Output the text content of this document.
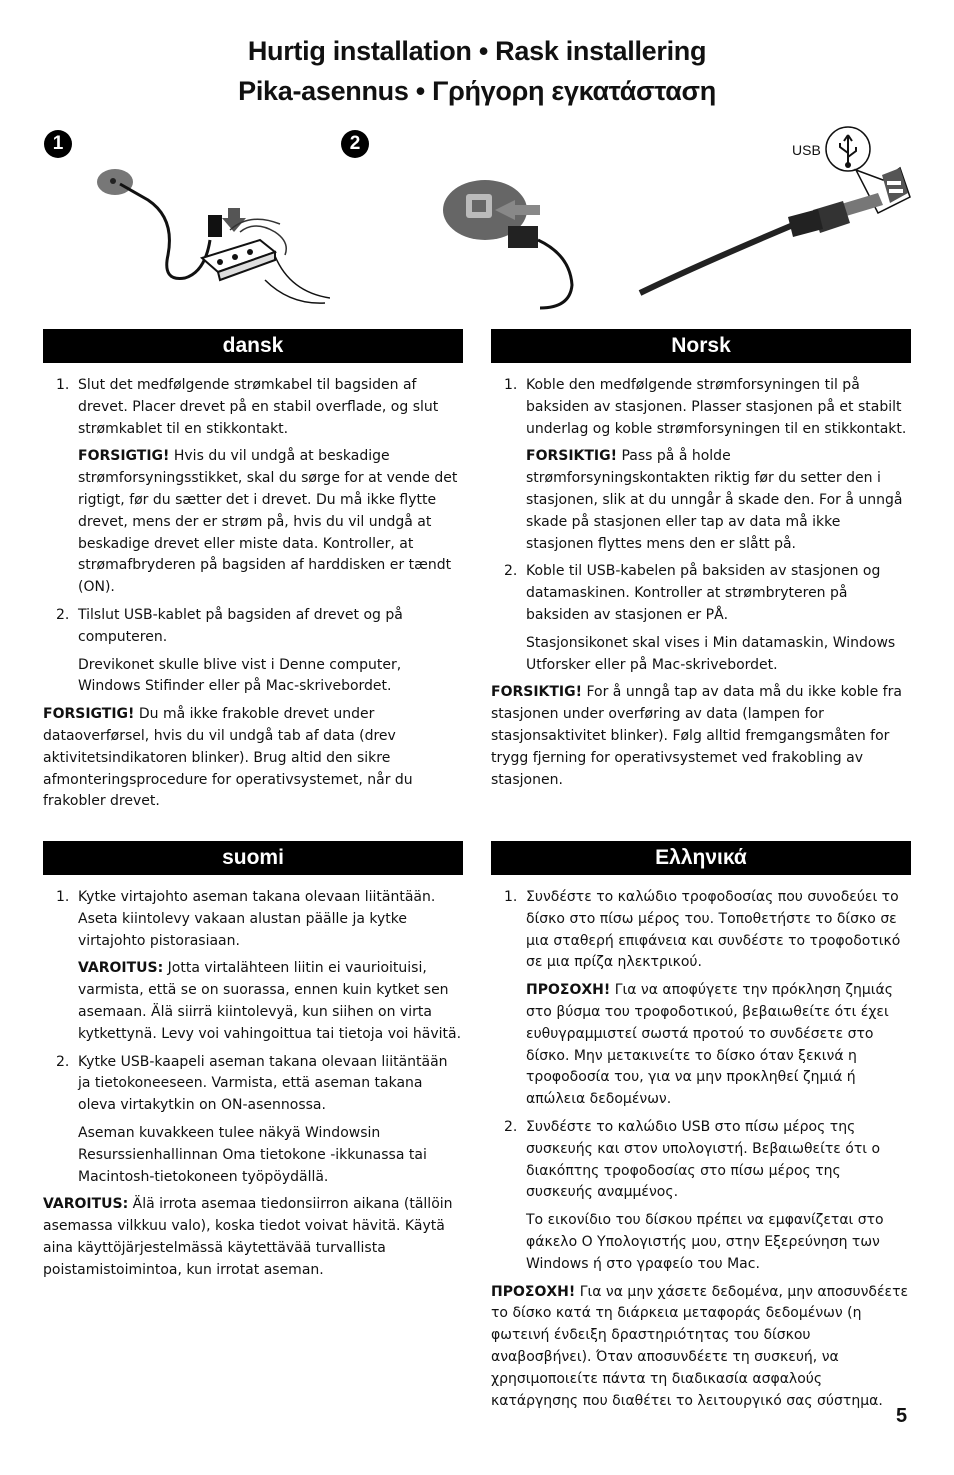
Hurtig installation • Rask installering
Pika-asennus • Γρήγορη εγκατάσταση
1	2	USB
dansk
1. Slut det medfølgende strømkabel til bagsiden af drevet. Placer drevet på en stabil overflade, og slut strømkablet til en stikkontakt.
FORSIGTIG! Hvis du vil undgå at beskadige strømforsyningsstikket, skal du sørge for at vende det rigtigt, før du sætter det i drevet. Du må ikke flytte drevet, mens der er strøm på, hvis du vil undgå at beskadige drevet eller miste data. Kontroller, at strømafbryderen på bagsiden af harddisken er tændt (ON).
2. Tilslut USB-kablet på bagsiden af drevet og på computeren.
Drevikonet skulle blive vist i Denne computer, Windows Stifinder eller på Mac-skrivebordet.
FORSIGTIG! Du må ikke frakoble drevet under dataoverførsel, hvis du vil undgå tab af data (drev aktivitetsindikatoren blinker). Brug altid den sikre afmonteringsprocedure for operativsystemet, når du frakobler drevet.
Norsk
1. Koble den medfølgende strømforsyningen til på baksiden av stasjonen. Plasser stasjonen på et stabilt underlag og koble strømforsyningen til en stikkontakt.
FORSIKTIG! Pass på å holde strømforsyningskontakten riktig før du setter den i stasjonen, slik at du unngår å skade den. For å unngå skade på stasjonen eller tap av data må ikke stasjonen flyttes mens den er slått på.
2. Koble til USB-kabelen på baksiden av stasjonen og datamaskinen. Kontroller at strømbryteren på baksiden av stasjonen er PÅ.
Stasjonsikonet skal vises i Min datamaskin, Windows Utforsker eller på Mac-skrivebordet.
FORSIKTIG! For å unngå tap av data må du ikke koble fra stasjonen under overføring av data (lampen for stasjonsaktivitet blinker). Følg alltid fremgangsmåten for trygg fjerning for operativsystemet ved frakobling av stasjonen.
suomi
1. Kytke virtajohto aseman takana olevaan liitäntään. Aseta kiintolevy vakaan alustan päälle ja kytke virtajohto pistorasiaan.
VAROITUS: Jotta virtalähteen liitin ei vaurioituisi, varmista, että se on suorassa, ennen kuin kytket sen asemaan. Älä siirrä kiintolevyä, kun siihen on virta kytkettynä. Levy voi vahingoittua tai tietoja voi hävitä.
2. Kytke USB-kaapeli aseman takana olevaan liitäntään ja tietokoneeseen. Varmista, että aseman takana oleva virtakytkin on ON-asennossa.
Aseman kuvakkeen tulee näkyä Windowsin Resurssienhallinnan Oma tietokone -ikkunassa tai Macintosh-tietokoneen työpöydällä.
VAROITUS: Älä irrota asemaa tiedonsiirron aikana (tällöin asemassa vilkkuu valo), koska tiedot voivat hävitä. Käytä aina käyttöjärjestelmässä käytettävää turvallista poistamistoimintoa, kun irrotat aseman.
Ελληνικά
1. Συνδέστε το καλώδιο τροφοδοσίας που συνοδεύει το δίσκο στο πίσω μέρος του. Τοποθετήστε το δίσκο σε μια σταθερή επιφάνεια και συνδέστε το τροφοδοτικό σε μια πρίζα ηλεκτρικού.
ΠΡΟΣΟΧΗ! Για να αποφύγετε την πρόκληση ζημιάς στο βύσμα του τροφοδοτικού, βεβαιωθείτε ότι έχει ευθυγραμμιστεί σωστά προτού το συνδέσετε στο δίσκο. Μην μετακινείτε το δίσκο όταν ξεκινά η τροφοδοσία του, για να μην προκληθεί ζημιά ή απώλεια δεδομένων.
2. Συνδέστε το καλώδιο USB στο πίσω μέρος της συσκευής και στον υπολογιστή. Βεβαιωθείτε ότι ο διακόπτης τροφοδοσίας στο πίσω μέρος της συσκευής αναμμένος.
Το εικονίδιο του δίσκου πρέπει να εμφανίζεται στο φάκελο Ο Υπολογιστής μου, στην Εξερεύνηση των Windows ή στο γραφείο του Mac.
ΠΡΟΣΟΧΗ! Για να μην χάσετε δεδομένα, μην αποσυνδέετε το δίσκο κατά τη διάρκεια μεταφοράς δεδομένων (η φωτεινή ένδειξη δραστηριότητας του δίσκου αναβοσβήνει). Όταν αποσυνδέετε τη συσκευή, να χρησιμοποιείτε πάντα τη διαδικασία ασφαλούς κατάργησης που διαθέτει το λειτουργικό σας σύστημα.
5
